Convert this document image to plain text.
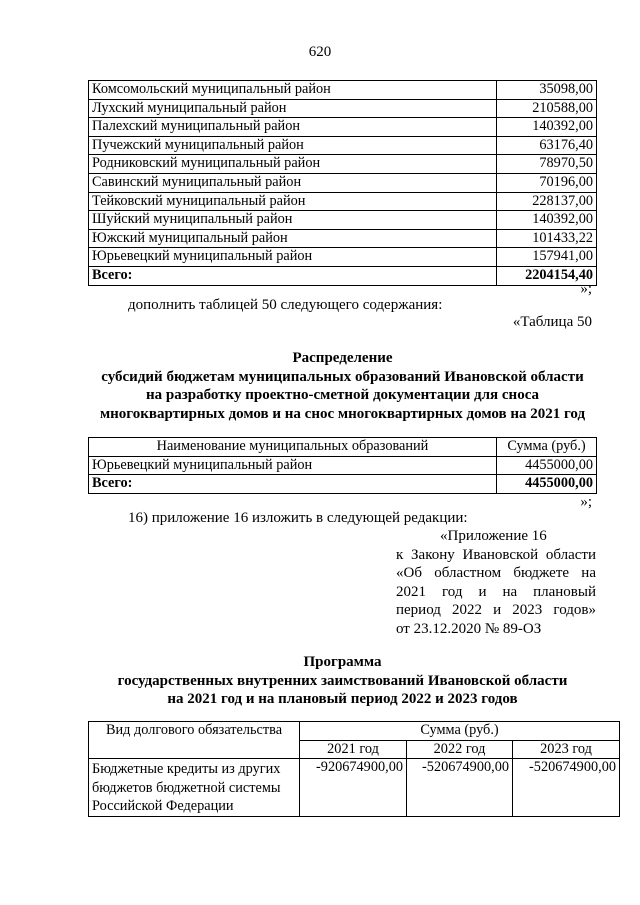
620
Комсомольский муниципальный район	35098,00
Лухский муниципальный район	210588,00
Палехский муниципальный район	140392,00
Пучежский муниципальный район	63176,40
Родниковский муниципальный район	78970,50
Савинский муниципальный район	70196,00
Тейковский муниципальный район	228137,00
Шуйский муниципальный район	140392,00
Южский муниципальный район	101433,22
Юрьевецкий муниципальный район	157941,00
Всего:	2204154,40
»;
дополнить таблицей 50 следующего содержания:
«Таблица 50
Распределение
субсидий бюджетам муниципальных образований Ивановской области
на разработку проектно-сметной документации для сноса
многоквартирных домов и на снос многоквартирных домов на 2021 год
Наименование муниципальных образований	Сумма (руб.)
Юрьевецкий муниципальный район	4455000,00
Всего:	4455000,00
»;
16) приложение 16 изложить в следующей редакции:
«Приложение 16
к Закону Ивановской области
«Об областном бюджете на
2021 год и на плановый
период 2022 и 2023 годов»
от 23.12.2020 № 89-ОЗ
Программа
государственных внутренних заимствований Ивановской области
на 2021 год и на плановый период 2022 и 2023 годов
Вид долгового обязательства	Сумма (руб.)		
	2021 год	2022 год	2023 год
Бюджетные кредиты из других бюджетов бюджетной системы Российской Федерации	-920674900,00	-520674900,00	-520674900,00
